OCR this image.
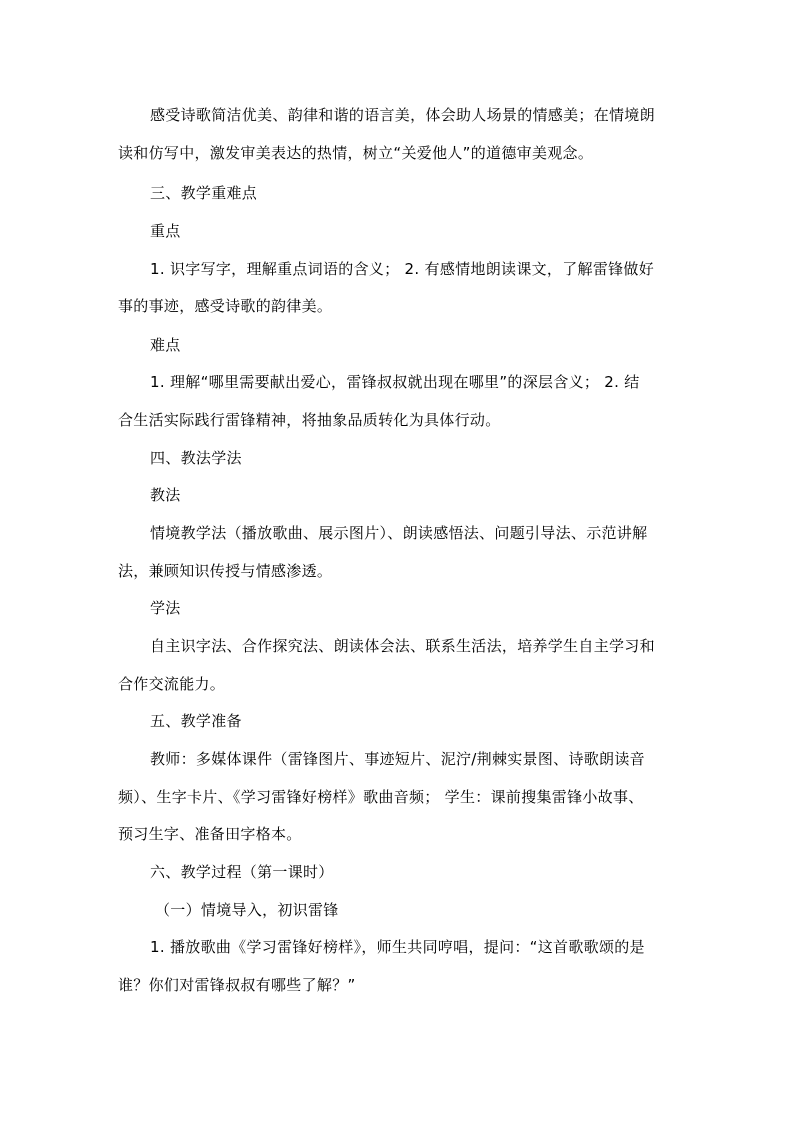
感受诗歌简洁优美、韵律和谐的语言美，体会助人场景的情感美；在情境朗
读和仿写中，激发审美表达的热情，树立“关爱他人”的道德审美观念。
三、教学重难点
重点
1. 识字写字，理解重点词语的含义； 2. 有感情地朗读课文，了解雷锋做好
事的事迹，感受诗歌的韵律美。
难点
1. 理解“哪里需要献出爱心，雷锋叔叔就出现在哪里”的深层含义； 2. 结
合生活实际践行雷锋精神，将抽象品质转化为具体行动。
四、教法学法
教法
情境教学法（播放歌曲、展示图片）、朗读感悟法、问题引导法、示范讲解
法，兼顾知识传授与情感渗透。
学法
自主识字法、合作探究法、朗读体会法、联系生活法，培养学生自主学习和
合作交流能力。
五、教学准备
教师：多媒体课件（雷锋图片、事迹短片、泥泞/荆棘实景图、诗歌朗读音
频）、生字卡片、《学习雷锋好榜样》歌曲音频； 学生：课前搜集雷锋小故事、
预习生字、准备田字格本。
六、教学过程（第一课时）
（一）情境导入，初识雷锋
1. 播放歌曲《学习雷锋好榜样》，师生共同哼唱，提问：“这首歌歌颂的是
谁？你们对雷锋叔叔有哪些了解？”
